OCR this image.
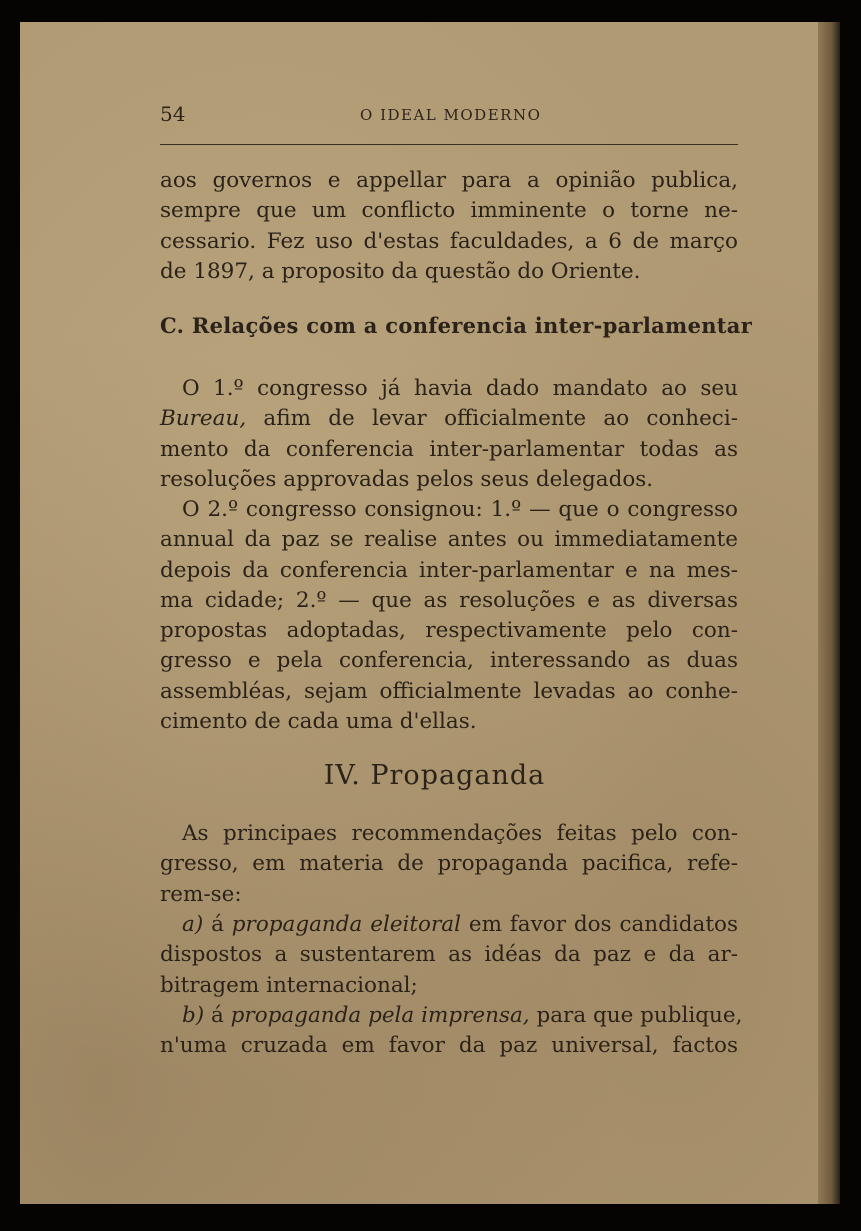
54	O IDEAL MODERNO
aos governos e appellar para a opinião publica,
sempre que um conflicto imminente o torne ne-
cessario. Fez uso d'estas faculdades, a 6 de março
de 1897, a proposito da questão do Oriente.
C. Relações com a conferencia inter-parlamentar
O 1.º congresso já havia dado mandato ao seu
Bureau, afim de levar officialmente ao conheci-
mento da conferencia inter-parlamentar todas as
resoluções approvadas pelos seus delegados.
O 2.º congresso consignou: 1.º — que o congresso
annual da paz se realise antes ou immediatamente
depois da conferencia inter-parlamentar e na mes-
ma cidade; 2.º — que as resoluções e as diversas
propostas adoptadas, respectivamente pelo con-
gresso e pela conferencia, interessando as duas
assembléas, sejam officialmente levadas ao conhe-
cimento de cada uma d'ellas.
IV. Propaganda
As principaes recommendações feitas pelo con-
gresso, em materia de propaganda pacifica, refe-
rem-se:
a) á propaganda eleitoral em favor dos candidatos
dispostos a sustentarem as idéas da paz e da ar-
bitragem internacional;
b) á propaganda pela imprensa, para que publique,
n'uma cruzada em favor da paz universal, factos
